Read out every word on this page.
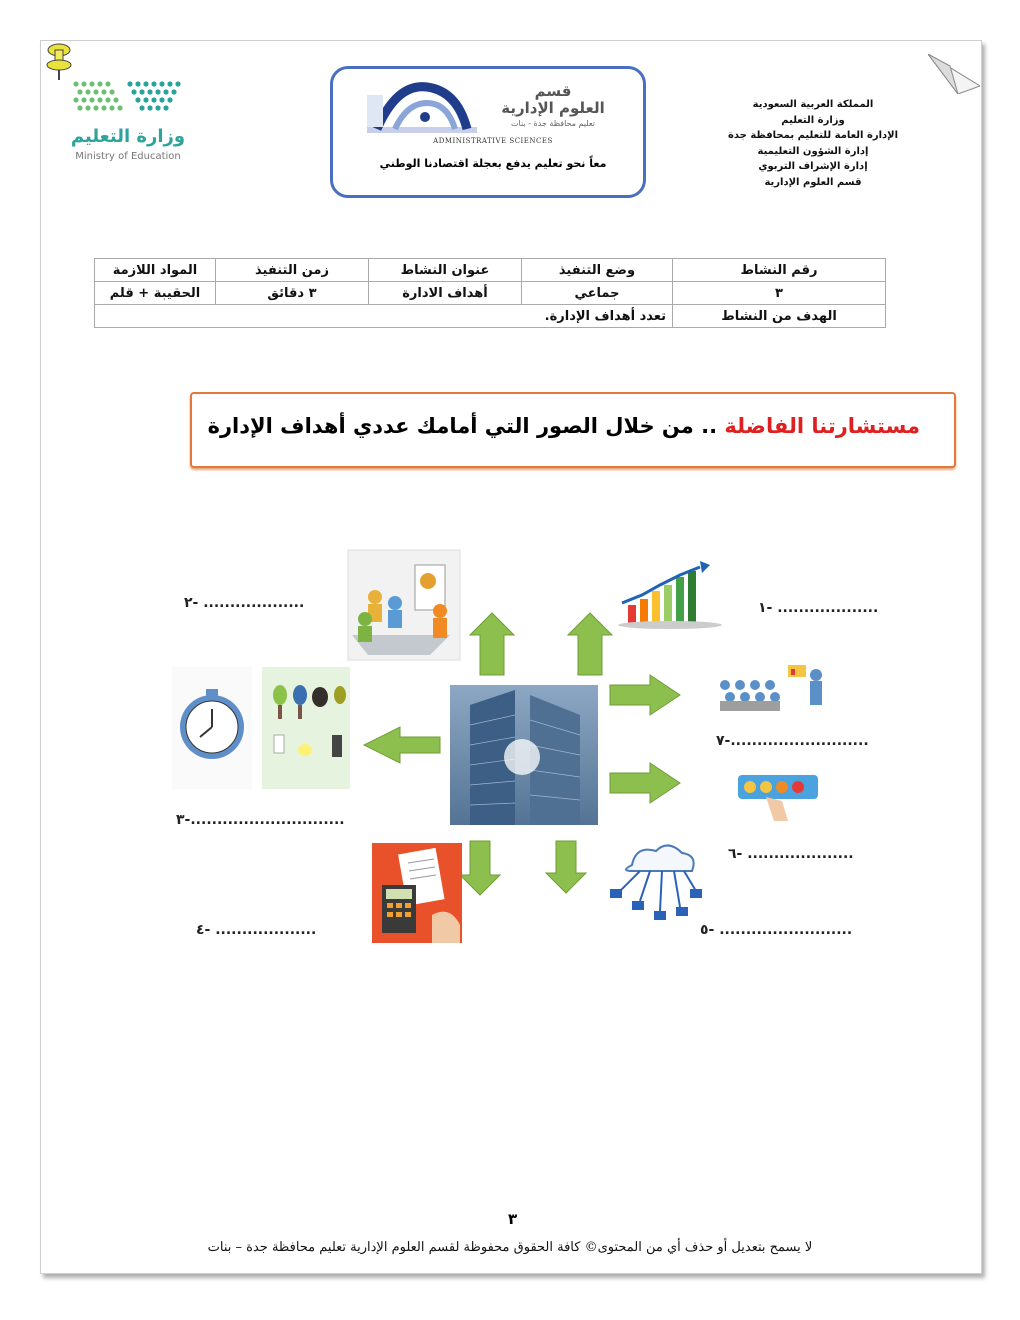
وزارة التعليم
Ministry of Education
قسم
العلوم الإدارية
تعليم محافظة جدة - بنات
ADMINISTRATIVE SCIENCES
معاً نحو تعليم يدفع بعجلة اقتصادنا الوطني
المملكة العربية السعودية
وزارة التعليم
الإدارة العامة للتعليم بمحافظة جدة
إدارة الشؤون التعليمية
إدارة الإشراف التربوي
قسم العلوم الإدارية
رقم النشاط	وضع التنفيذ	عنوان النشاط	زمن التنفيذ	المواد اللازمة
٣	جماعي	أهداف الادارة	٣ دقائق	الحقيبة + قلم
الهدف من النشاط	تعدد أهداف الإدارة.			
مستشارتنا الفاضلة .. من خلال الصور التي أمامك عددي أهداف الإدارة
٢- ...................	١- ...................
٧-..........................
٣-.............................
٦- ....................
٤- ...................	٥- .........................
٣
لا يسمح بتعديل أو حذف أي من المحتوى© كافة الحقوق محفوظة لقسم العلوم الإدارية تعليم محافظة جدة – بنات
